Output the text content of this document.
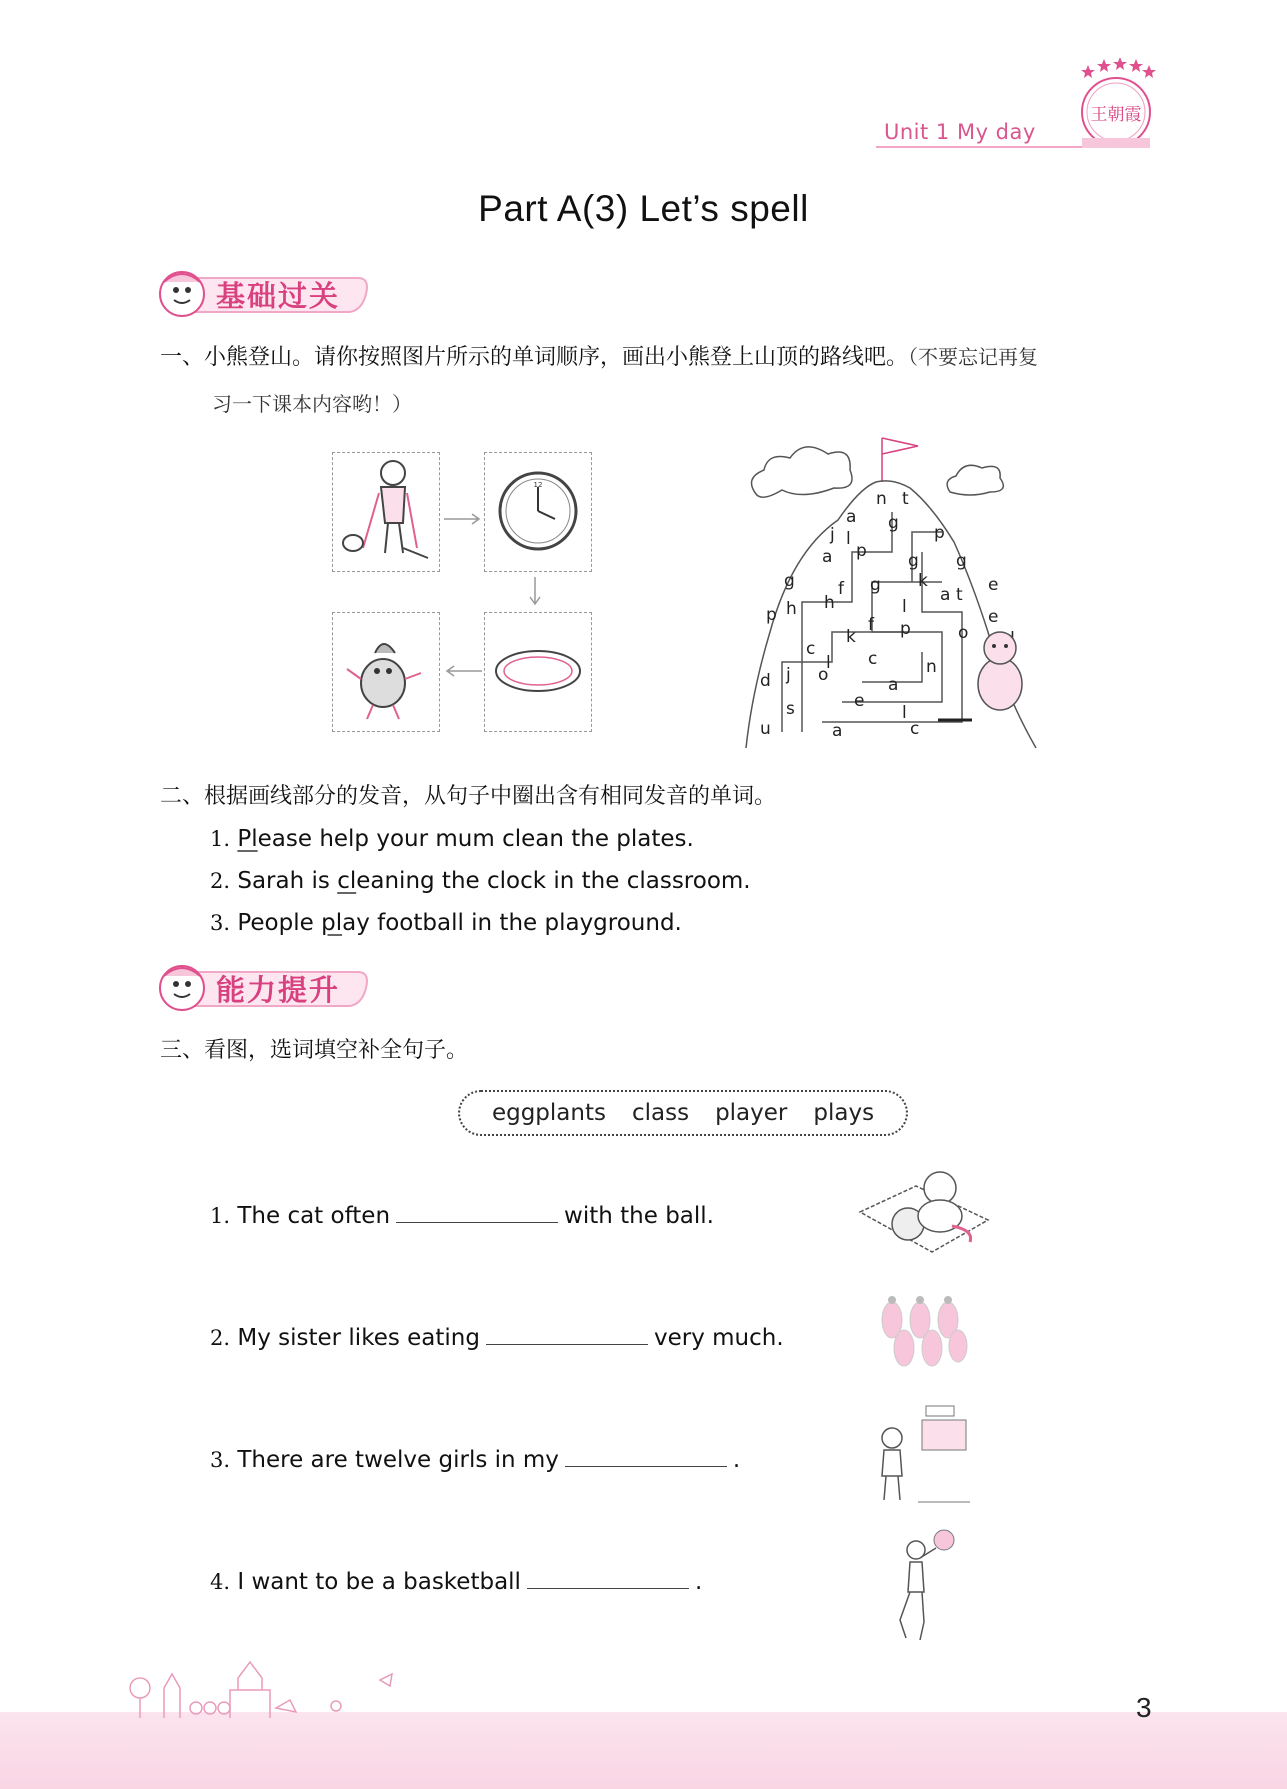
Unit 1 My day
王朝霞
Part A(3) Let’s spell
基础过关
一、小熊登山。请你按照图片所示的单词顺序，画出小熊登上山顶的路线吧。（不要忘记再复
习一下课本内容哟！）
12
n t
a g
j	p
l
a p g g
g	g k
f	a t e
h
p h	l
f p
e
k	o
c	c
l	n
o
j
d	a
e
s	l
u	a	c
二、根据画线部分的发音，从句子中圈出含有相同发音的单词。
1. Please help your mum clean the plates.
2. Sarah is cleaning the clock in the classroom.
3. People play football in the playground.
能力提升
三、看图，选词填空补全句子。
eggplants class player plays
1. The cat often	with the ball.
2. My sister likes eating	very much.
3. There are twelve girls in my	.
4. I want to be a basketball	.
3
